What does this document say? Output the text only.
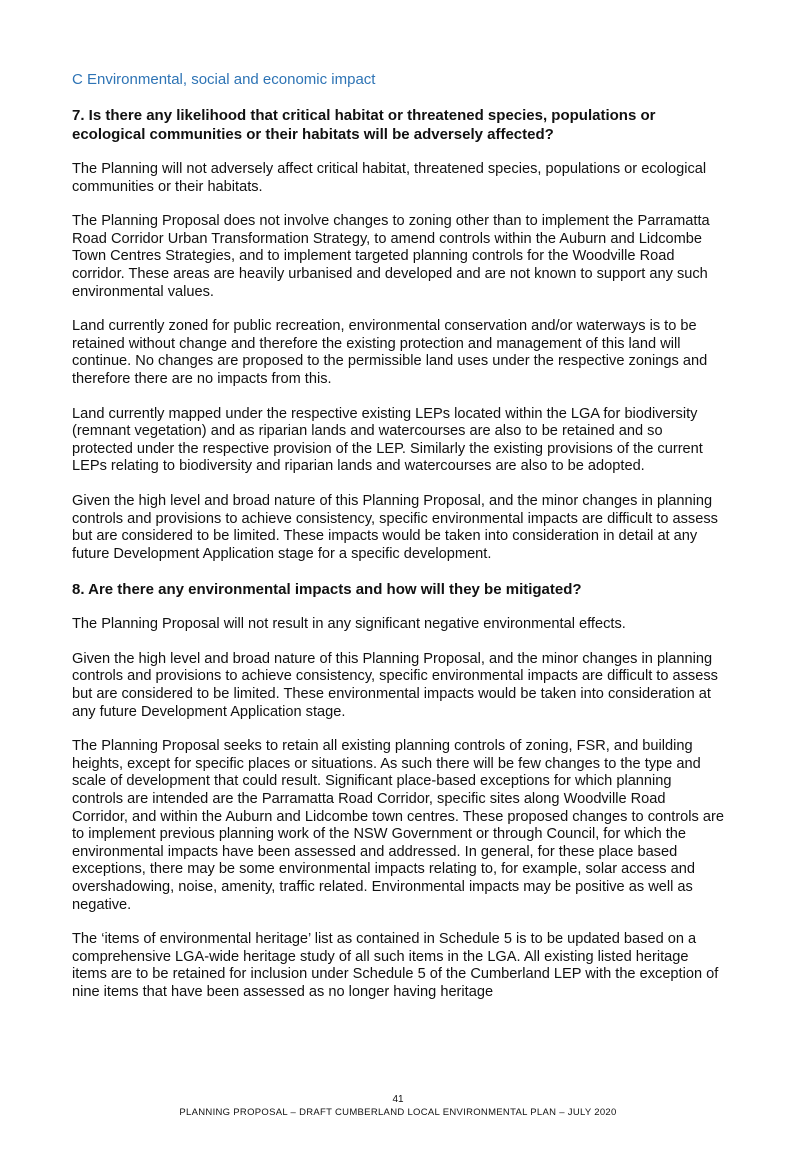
C Environmental, social and economic impact
7. Is there any likelihood that critical habitat or threatened species, populations or ecological communities or their habitats will be adversely affected?

The Planning will not adversely affect critical habitat, threatened species, populations or ecological communities or their habitats.

The Planning Proposal does not involve changes to zoning other than to implement the Parramatta Road Corridor Urban Transformation Strategy, to amend controls within the Auburn and Lidcombe Town Centres Strategies, and to implement targeted planning controls for the Woodville Road corridor. These areas are heavily urbanised and developed and are not known to support any such environmental values.

Land currently zoned for public recreation, environmental conservation and/or waterways is to be retained without change and therefore the existing protection and management of this land will continue. No changes are proposed to the permissible land uses under the respective zonings and therefore there are no impacts from this.

Land currently mapped under the respective existing LEPs located within the LGA for biodiversity (remnant vegetation) and as riparian lands and watercourses are also to be retained and so protected under the respective provision of the LEP. Similarly the existing provisions of the current LEPs relating to biodiversity and riparian lands and watercourses are also to be adopted.

Given the high level and broad nature of this Planning Proposal, and the minor changes in planning controls and provisions to achieve consistency, specific environmental impacts are difficult to assess but are considered to be limited. These impacts would be taken into consideration in detail at any future Development Application stage for a specific development.

8. Are there any environmental impacts and how will they be mitigated?

The Planning Proposal will not result in any significant negative environmental effects.

Given the high level and broad nature of this Planning Proposal, and the minor changes in planning controls and provisions to achieve consistency, specific environmental impacts are difficult to assess but are considered to be limited. These environmental impacts would be taken into consideration at any future Development Application stage.

The Planning Proposal seeks to retain all existing planning controls of zoning, FSR, and building heights, except for specific places or situations. As such there will be few changes to the type and scale of development that could result. Significant place-based exceptions for which planning controls are intended are the Parramatta Road Corridor, specific sites along Woodville Road Corridor, and within the Auburn and Lidcombe town centres. These proposed changes to controls are to implement previous planning work of the NSW Government or through Council, for which the environmental impacts have been assessed and addressed. In general, for these place based exceptions, there may be some environmental impacts relating to, for example, solar access and overshadowing, noise, amenity, traffic related. Environmental impacts may be positive as well as negative.

The ‘items of environmental heritage’ list as contained in Schedule 5 is to be updated based on a comprehensive LGA-wide heritage study of all such items in the LGA. All existing listed heritage items are to be retained for inclusion under Schedule 5 of the Cumberland LEP with the exception of nine items that have been assessed as no longer having heritage

41
PLANNING PROPOSAL – DRAFT CUMBERLAND LOCAL ENVIRONMENTAL PLAN – JULY 2020
